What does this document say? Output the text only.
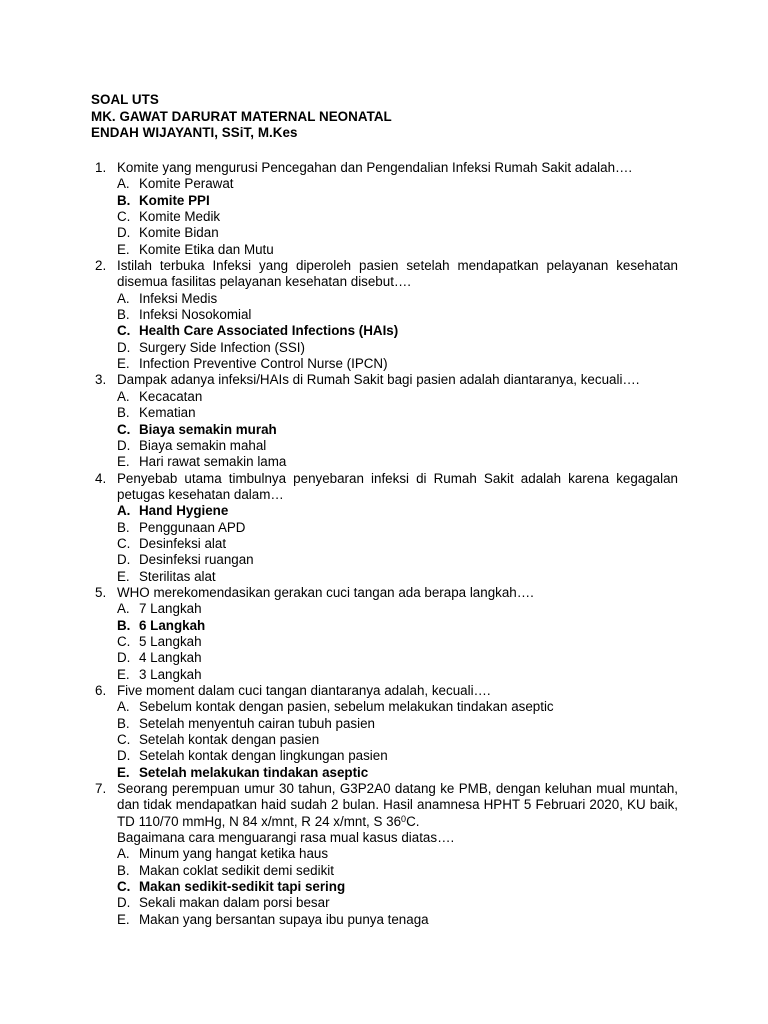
SOAL UTS
MK. GAWAT DARURAT MATERNAL NEONATAL
ENDAH WIJAYANTI, SSiT, M.Kes
1. Komite yang mengurusi Pencegahan dan Pengendalian Infeksi Rumah Sakit adalah….
A. Komite Perawat
B. Komite PPI
C. Komite Medik
D. Komite Bidan
E. Komite Etika dan Mutu
2. Istilah terbuka Infeksi yang diperoleh pasien setelah mendapatkan pelayanan kesehatan disemua fasilitas pelayanan kesehatan disebut….
A. Infeksi Medis
B. Infeksi Nosokomial
C. Health Care Associated Infections (HAIs)
D. Surgery Side Infection (SSI)
E. Infection Preventive Control Nurse (IPCN)
3. Dampak adanya infeksi/HAIs di Rumah Sakit bagi pasien adalah diantaranya, kecuali….
A. Kecacatan
B. Kematian
C. Biaya semakin murah
D. Biaya semakin mahal
E. Hari rawat semakin lama
4. Penyebab utama timbulnya penyebaran infeksi di Rumah Sakit adalah karena kegagalan petugas kesehatan dalam…
A. Hand Hygiene
B. Penggunaan APD
C. Desinfeksi alat
D. Desinfeksi ruangan
E. Sterilitas alat
5. WHO merekomendasikan gerakan cuci tangan ada berapa langkah….
A. 7 Langkah
B. 6 Langkah
C. 5 Langkah
D. 4 Langkah
E. 3 Langkah
6. Five moment dalam cuci tangan diantaranya adalah, kecuali….
A. Sebelum kontak dengan pasien, sebelum melakukan tindakan aseptic
B. Setelah menyentuh cairan tubuh pasien
C. Setelah kontak dengan pasien
D. Setelah kontak dengan lingkungan pasien
E. Setelah melakukan tindakan aseptic
7. Seorang perempuan umur 30 tahun, G3P2A0 datang ke PMB, dengan keluhan mual muntah, dan tidak mendapatkan haid sudah 2 bulan. Hasil anamnesa HPHT 5 Februari 2020, KU baik, TD 110/70 mmHg, N 84 x/mnt, R 24 x/mnt, S $36^0C$.
Bagaimana cara menguarangi rasa mual kasus diatas….
A. Minum yang hangat ketika haus
B. Makan coklat sedikit demi sedikit
C. Makan sedikit-sedikit tapi sering
D. Sekali makan dalam porsi besar
E. Makan yang bersantan supaya ibu punya tenaga
